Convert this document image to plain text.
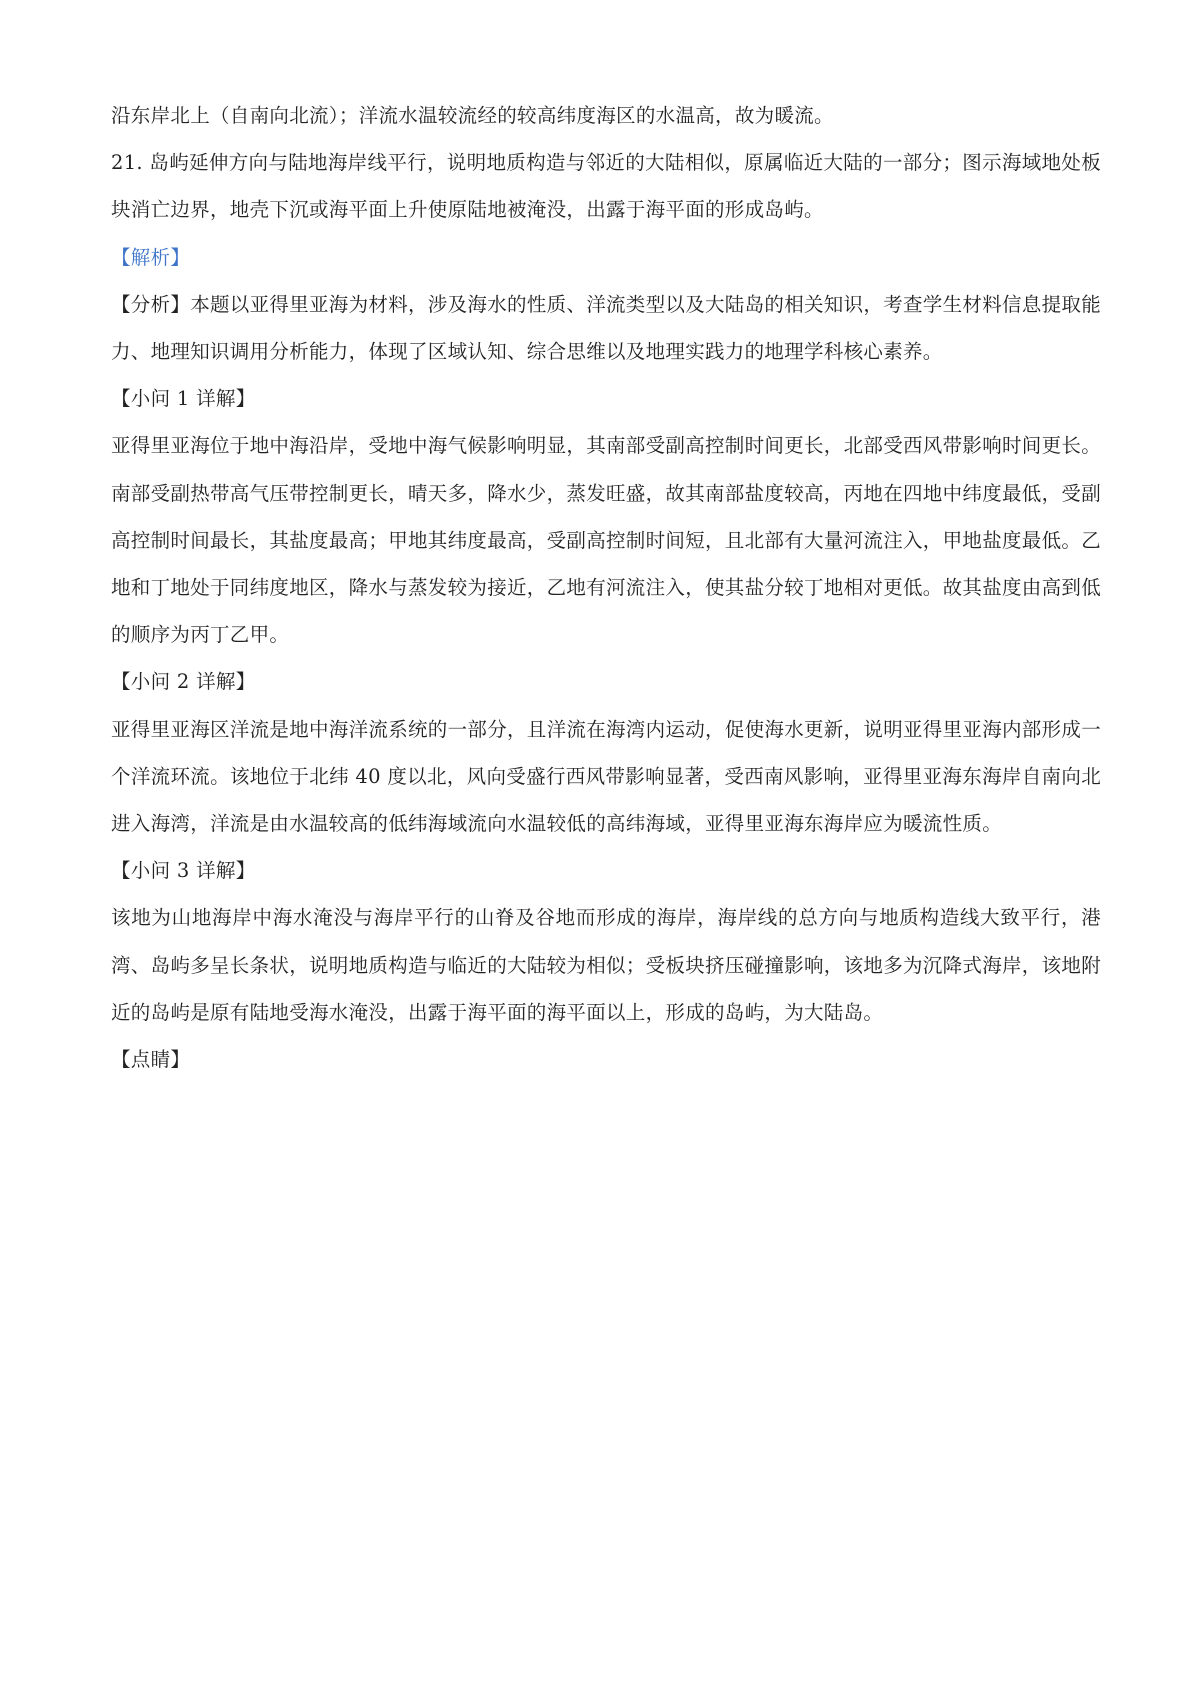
沿东岸北上（自南向北流）；洋流水温较流经的较高纬度海区的水温高，故为暖流。

21. 岛屿延伸方向与陆地海岸线平行，说明地质构造与邻近的大陆相似，原属临近大陆的一部分；图示海域地处板块消亡边界，地壳下沉或海平面上升使原陆地被淹没，出露于海平面的形成岛屿。

【解析】

【分析】本题以亚得里亚海为材料，涉及海水的性质、洋流类型以及大陆岛的相关知识，考查学生材料信息提取能力、地理知识调用分析能力，体现了区域认知、综合思维以及地理实践力的地理学科核心素养。

【小问 1 详解】

亚得里亚海位于地中海沿岸，受地中海气候影响明显，其南部受副高控制时间更长，北部受西风带影响时间更长。南部受副热带高气压带控制更长，晴天多，降水少，蒸发旺盛，故其南部盐度较高，丙地在四地中纬度最低，受副高控制时间最长，其盐度最高；甲地其纬度最高，受副高控制时间短，且北部有大量河流注入，甲地盐度最低。乙地和丁地处于同纬度地区，降水与蒸发较为接近，乙地有河流注入，使其盐分较丁地相对更低。故其盐度由高到低的顺序为丙丁乙甲。

【小问 2 详解】

亚得里亚海区洋流是地中海洋流系统的一部分，且洋流在海湾内运动，促使海水更新，说明亚得里亚海内部形成一个洋流环流。该地位于北纬 40 度以北，风向受盛行西风带影响显著，受西南风影响，亚得里亚海东海岸自南向北进入海湾，洋流是由水温较高的低纬海域流向水温较低的高纬海域，亚得里亚海东海岸应为暖流性质。

【小问 3 详解】

该地为山地海岸中海水淹没与海岸平行的山脊及谷地而形成的海岸，海岸线的总方向与地质构造线大致平行，港湾、岛屿多呈长条状，说明地质构造与临近的大陆较为相似；受板块挤压碰撞影响，该地多为沉降式海岸，该地附近的岛屿是原有陆地受海水淹没，出露于海平面的海平面以上，形成的岛屿，为大陆岛。

【点睛】
